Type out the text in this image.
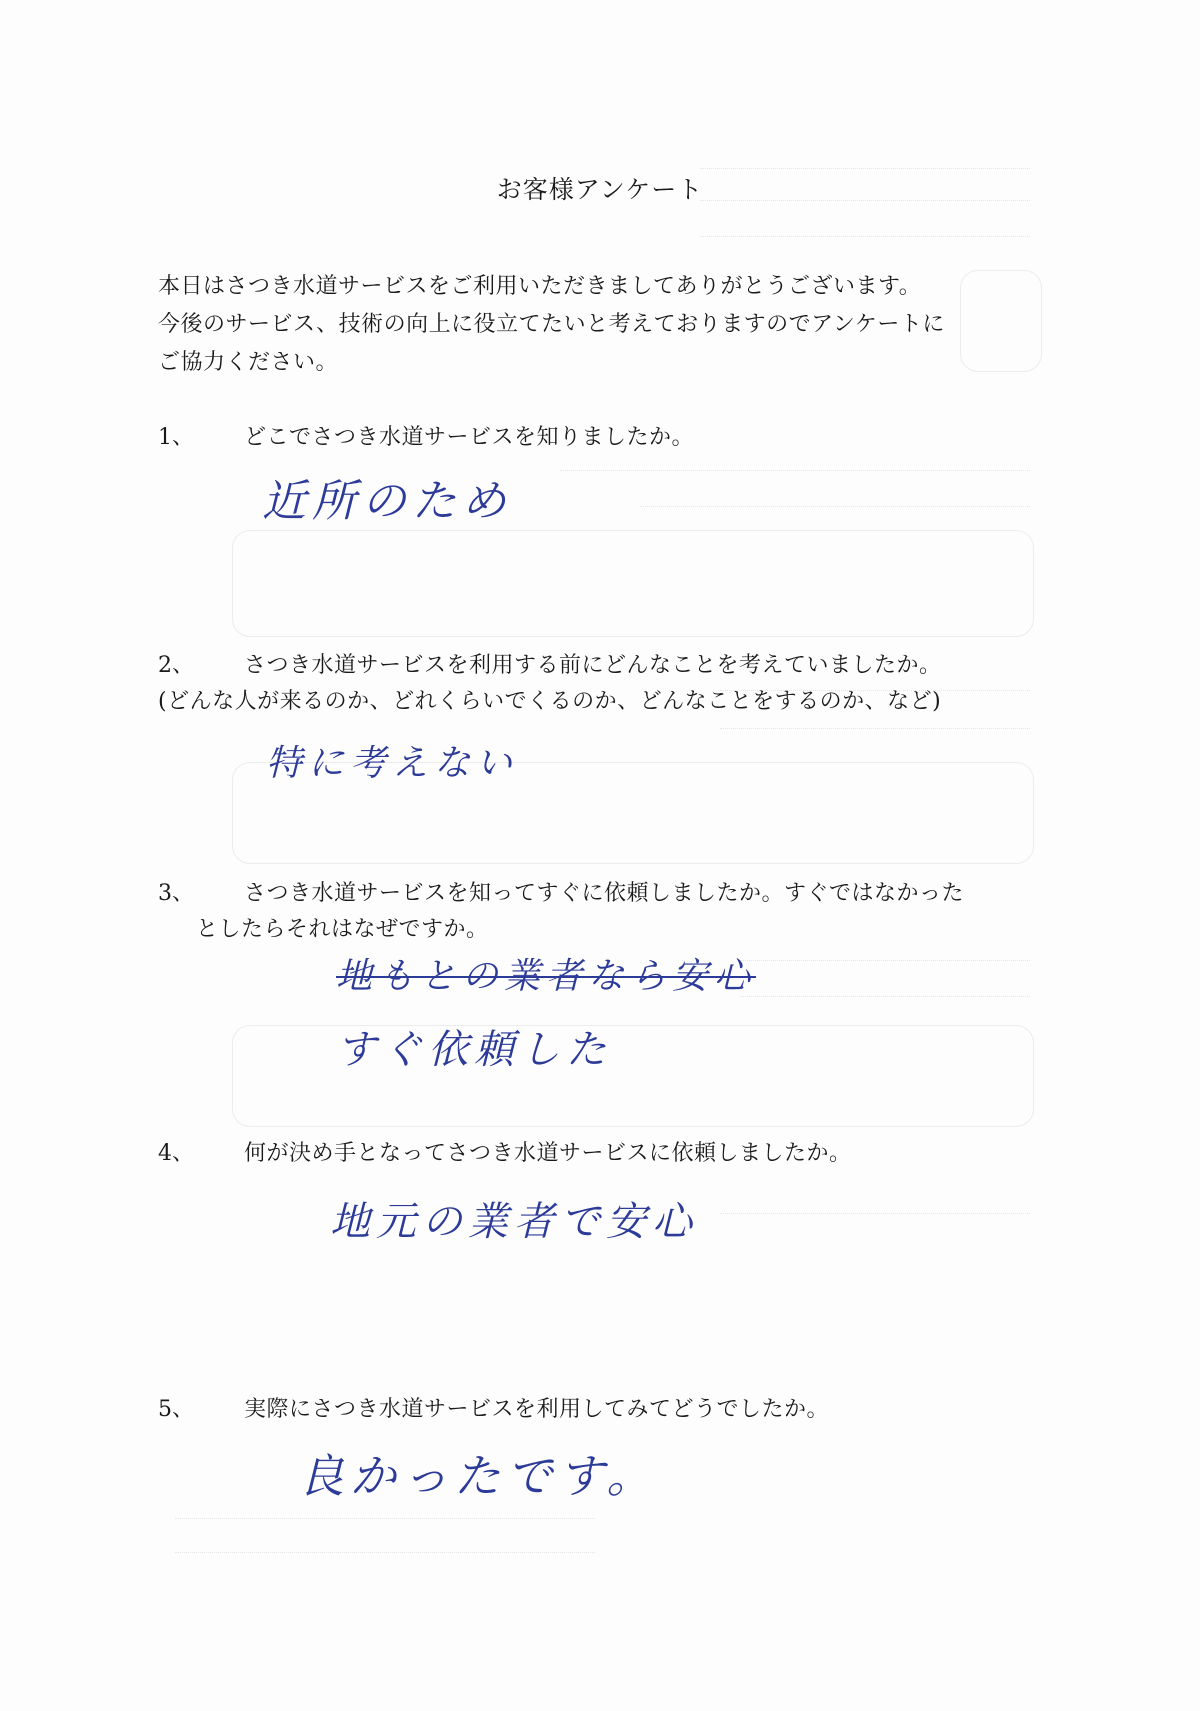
お客様アンケート
本日はさつき水道サービスをご利用いただきましてありがとうございます。
今後のサービス、技術の向上に役立てたいと考えておりますのでアンケートに
ご協力ください。
1、 どこでさつき水道サービスを知りましたか。
近所のため
2、 さつき水道サービスを利用する前にどんなことを考えていましたか。
(どんな人が来るのか、どれくらいでくるのか、どんなことをするのか、など)
特に考えない
3、 さつき水道サービスを知ってすぐに依頼しましたか。すぐではなかった
としたらそれはなぜですか。
地もとの業者なら安心
すぐ依頼した
4、 何が決め手となってさつき水道サービスに依頼しましたか。
地元の業者で安心
5、 実際にさつき水道サービスを利用してみてどうでしたか。
良かったです。
